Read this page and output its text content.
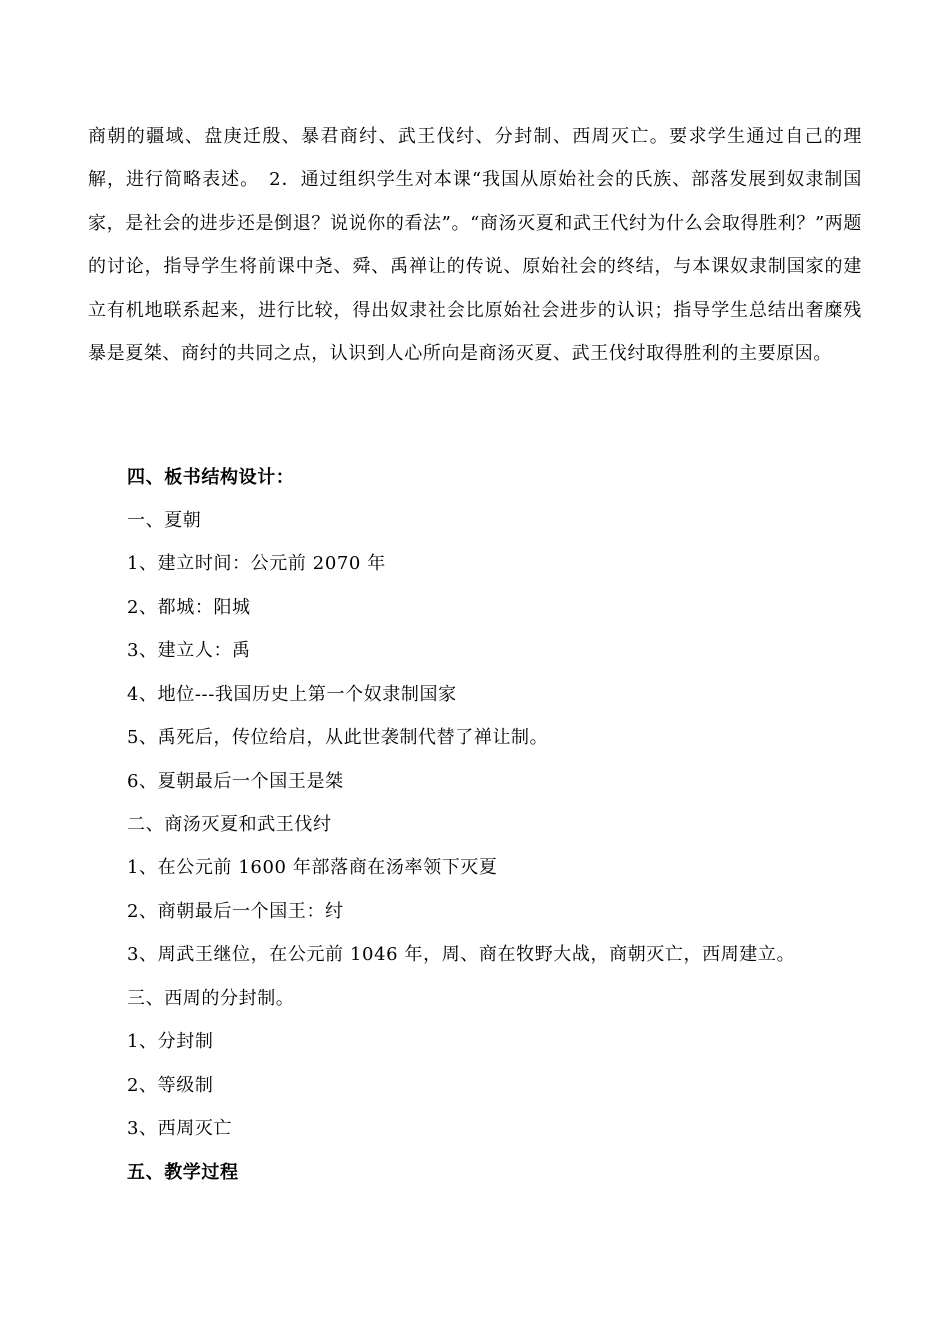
商朝的疆域、盘庚迁殷、暴君商纣、武王伐纣、分封制、西周灭亡。要求学生通过自己的理解，进行简略表述。　2．通过组织学生对本课“我国从原始社会的氏族、部落发展到奴隶制国家，是社会的进步还是倒退？说说你的看法”。“商汤灭夏和武王代纣为什么会取得胜利？”两题的讨论，指导学生将前课中尧、舜、禹禅让的传说、原始社会的终结，与本课奴隶制国家的建立有机地联系起来，进行比较，得出奴隶社会比原始社会进步的认识；指导学生总结出奢糜残暴是夏桀、商纣的共同之点，认识到人心所向是商汤灭夏、武王伐纣取得胜利的主要原因。

四、板书结构设计：

一、夏朝

1、建立时间：公元前 2070 年

2、都城：阳城

3、建立人：禹

4、地位---我国历史上第一个奴隶制国家

5、禹死后，传位给启，从此世袭制代替了禅让制。

6、夏朝最后一个国王是桀

二、商汤灭夏和武王伐纣

1、在公元前 1600 年部落商在汤率领下灭夏

2、商朝最后一个国王：纣

3、周武王继位，在公元前 1046 年，周、商在牧野大战，商朝灭亡，西周建立。

三、西周的分封制。

1、分封制

2、等级制

3、西周灭亡

五、教学过程
